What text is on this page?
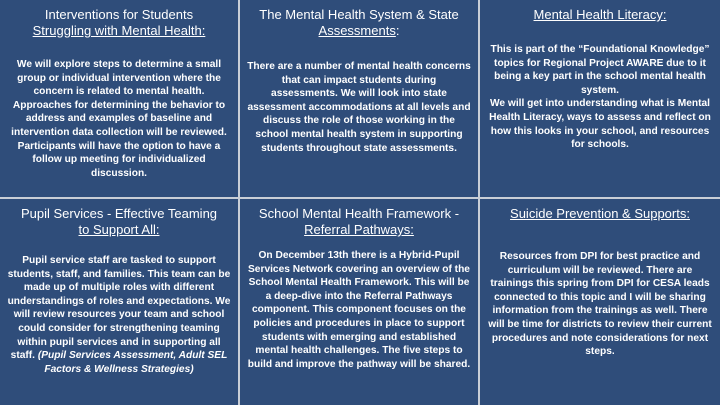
Interventions for Students
Struggling with Mental Health:

We will explore steps to determine a small group or individual intervention where the concern is related to mental health. Approaches for determining the behavior to address and examples of baseline and intervention data collection will be reviewed. Participants will have the option to have a follow up meeting for individualized discussion.

The Mental Health System & State
Assessments:

There are a number of mental health concerns that can impact students during assessments. We will look into state assessment accommodations at all levels and discuss the role of those working in the school mental health system in supporting students throughout state assessments.

Mental Health Literacy:

This is part of the “Foundational Knowledge” topics for Regional Project AWARE due to it being a key part in the school mental health system.

We will get into understanding what is Mental Health Literacy, ways to assess and reflect on how this looks in your school, and resources for schools.

Pupil Services - Effective Teaming
to Support All:

Pupil service staff are tasked to support students, staff, and families. This team can be made up of multiple roles with different understandings of roles and expectations. We will review resources your team and school could consider for strengthening teaming within pupil services and in supporting all staff. (Pupil Services Assessment, Adult SEL Factors & Wellness Strategies)

School Mental Health Framework -
Referral Pathways:

On December 13th there is a Hybrid-Pupil Services Network covering an overview of the School Mental Health Framework. This will be a deep-dive into the Referral Pathways component. This component focuses on the policies and procedures in place to support students with emerging and established mental health challenges. The five steps to build and improve the pathway will be shared.

Suicide Prevention & Supports:

Resources from DPI for best practice and curriculum will be reviewed. There are trainings this spring from DPI for CESA leads connected to this topic and I will be sharing information from the trainings as well. There will be time for districts to review their current procedures and note considerations for next steps.
